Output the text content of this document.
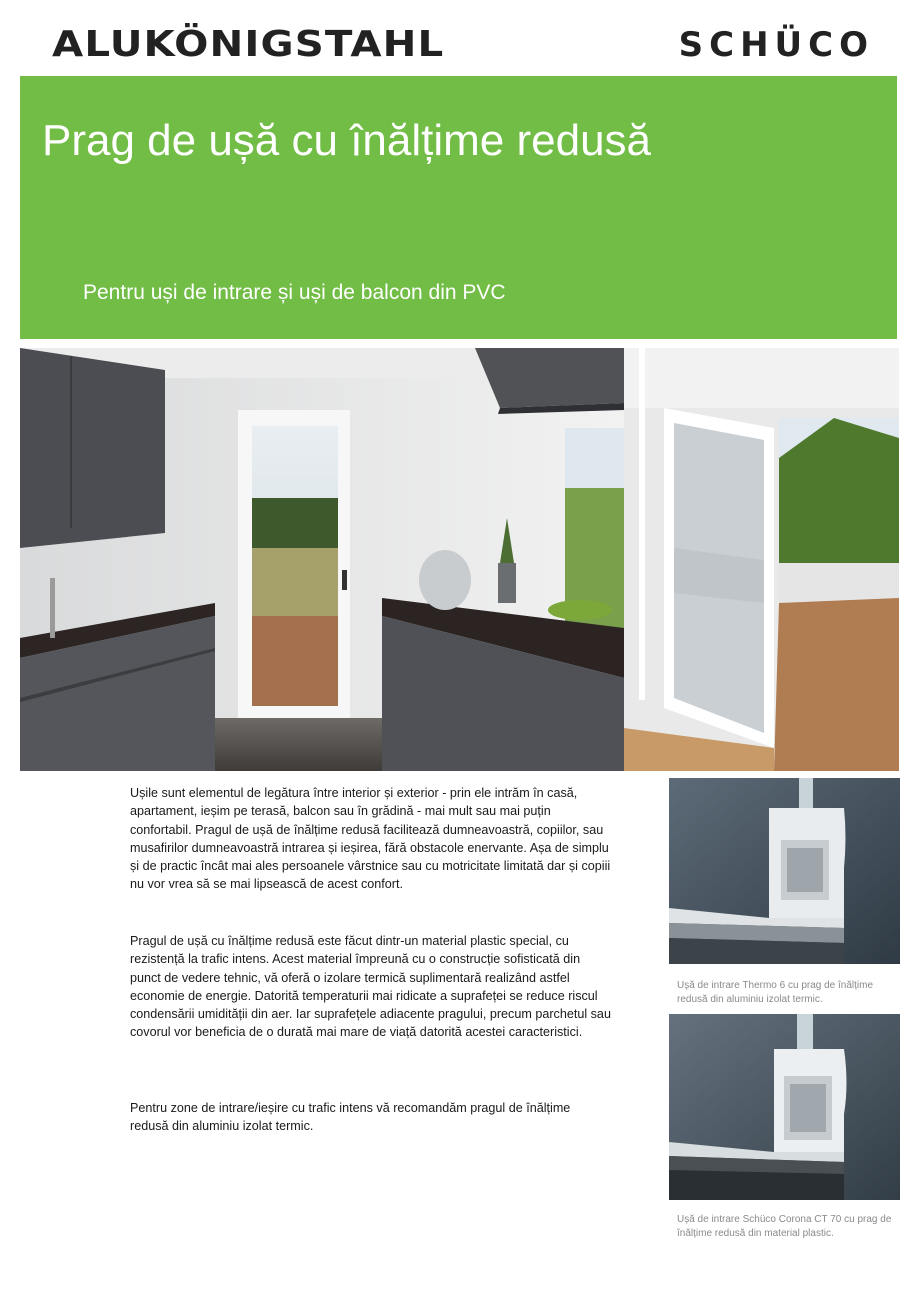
ALUKÖNIGSTAHL	SCHÜCO
Prag de ușă cu înălțime redusă
Pentru uși de intrare și uși de balcon din PVC

Ușile sunt elementul de legătura între interior și exterior - prin ele intrăm în casă, apartament, ieșim pe terasă, balcon sau în grădină - mai mult sau mai puțin confortabil. Pragul de ușă de înălțime redusă facilitează dumneavoastră, copiilor, sau musafirilor dumneavoastră intrarea și ieșirea, fără obstacole enervante. Așa de simplu și de practic încât mai ales persoanele vârstnice sau cu motricitate limitată dar și copiii nu vor vrea să se mai lipsească de acest confort.

Pragul de ușă cu înălțime redusă este făcut dintr-un material plastic special, cu rezistență la trafic intens. Acest material împreună cu o construcție sofisticată din punct de vedere tehnic, vă oferă o izolare termică suplimentară realizând astfel economie de energie. Datorită temperaturii mai ridicate a suprafeței se reduce riscul condensării umidității din aer. Iar suprafețele adiacente pragului, precum parchetul sau covorul vor beneficia de o durată mai mare de viață datorită acestei caracteristici.

Pentru zone de intrare/ieșire cu trafic intens vă recomandăm pragul de înălțime redusă din aluminiu izolat termic.

Ușă de intrare Thermo 6 cu prag de înălțime redusă din aluminiu izolat termic.

Ușă de intrare Schüco Corona CT 70 cu prag de înălțime redusă din material plastic.
